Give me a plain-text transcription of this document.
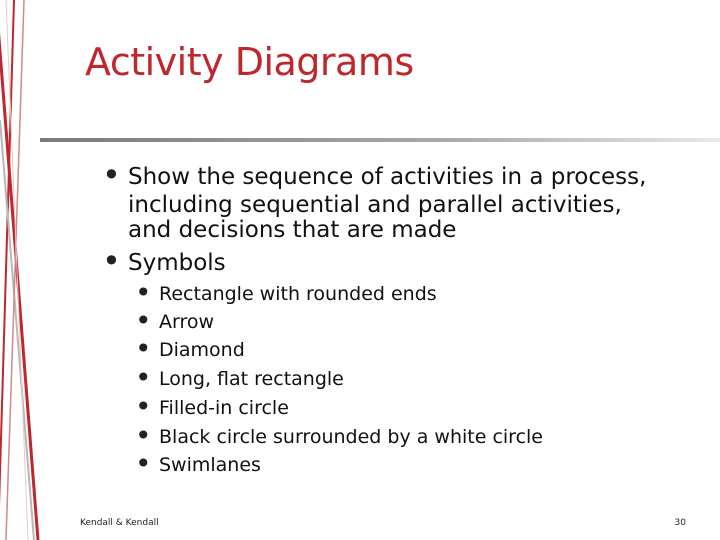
Activity Diagrams
• Show the sequence of activities in a process,
including sequential and parallel activities,
and decisions that are made
• Symbols
• Rectangle with rounded ends
• Arrow
• Diamond
• Long, flat rectangle
• Filled-in circle
• Black circle surrounded by a white circle
• Swimlanes
Kendall & Kendall	30
